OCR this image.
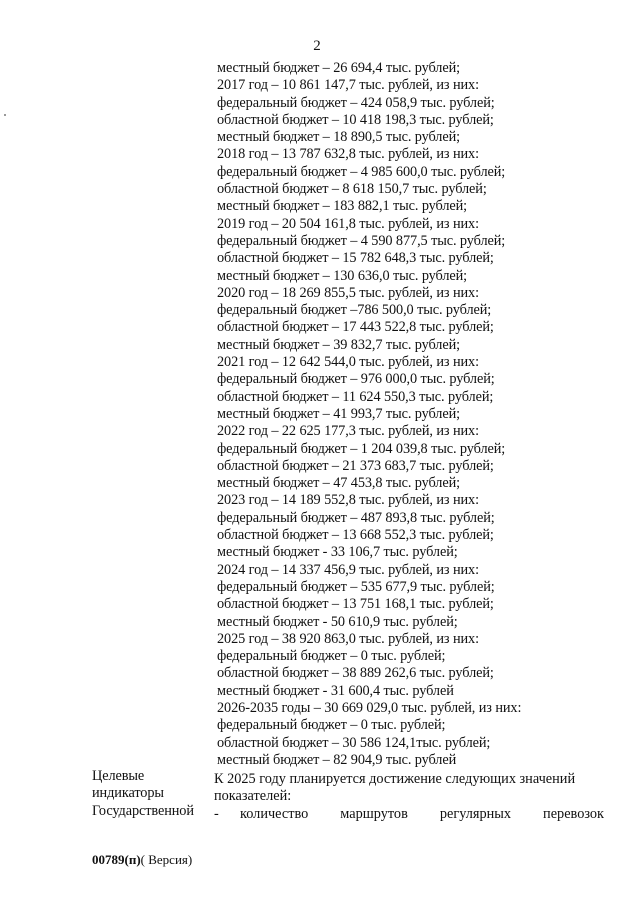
2
местный бюджет – 26 694,4 тыс. рублей;
2017 год – 10 861 147,7 тыс. рублей, из них:
федеральный бюджет – 424 058,9 тыс. рублей;
областной бюджет – 10 418 198,3 тыс. рублей;
местный бюджет – 18 890,5 тыс. рублей;
2018 год – 13 787 632,8 тыс. рублей, из них:
федеральный бюджет – 4 985 600,0 тыс. рублей;
областной бюджет – 8 618 150,7 тыс. рублей;
местный бюджет – 183 882,1 тыс. рублей;
2019 год – 20 504 161,8 тыс. рублей, из них:
федеральный бюджет – 4 590 877,5 тыс. рублей;
областной бюджет – 15 782 648,3 тыс. рублей;
местный бюджет – 130 636,0 тыс. рублей;
2020 год – 18 269 855,5 тыс. рублей, из них:
федеральный бюджет –786 500,0 тыс. рублей;
областной бюджет – 17 443 522,8 тыс. рублей;
местный бюджет – 39 832,7 тыс. рублей;
2021 год – 12 642 544,0 тыс. рублей, из них:
федеральный бюджет – 976 000,0 тыс. рублей;
областной бюджет – 11 624 550,3 тыс. рублей;
местный бюджет – 41 993,7 тыс. рублей;
2022 год – 22 625 177,3 тыс. рублей, из них:
федеральный бюджет – 1 204 039,8 тыс. рублей;
областной бюджет – 21 373 683,7 тыс. рублей;
местный бюджет – 47 453,8 тыс. рублей;
2023 год – 14 189 552,8 тыс. рублей, из них:
федеральный бюджет – 487 893,8 тыс. рублей;
областной бюджет – 13 668 552,3 тыс. рублей;
местный бюджет - 33 106,7 тыс. рублей;
2024 год – 14 337 456,9 тыс. рублей, из них:
федеральный бюджет – 535 677,9 тыс. рублей;
областной бюджет – 13 751 168,1 тыс. рублей;
местный бюджет - 50 610,9 тыс. рублей;
2025 год – 38 920 863,0 тыс. рублей, из них:
федеральный бюджет – 0 тыс. рублей;
областной бюджет – 38 889 262,6 тыс. рублей;
местный бюджет - 31 600,4 тыс. рублей
2026-2035 годы – 30 669 029,0 тыс. рублей, из них:
федеральный бюджет – 0 тыс. рублей;
областной бюджет – 30 586 124,1тыс. рублей;
местный бюджет – 82 904,9 тыс. рублей
Целевые
индикаторы
Государственной
К 2025 году планируется достижение следующих значений показателей:
-	количество маршрутов регулярных перевозок
00789(п)( Версия)
